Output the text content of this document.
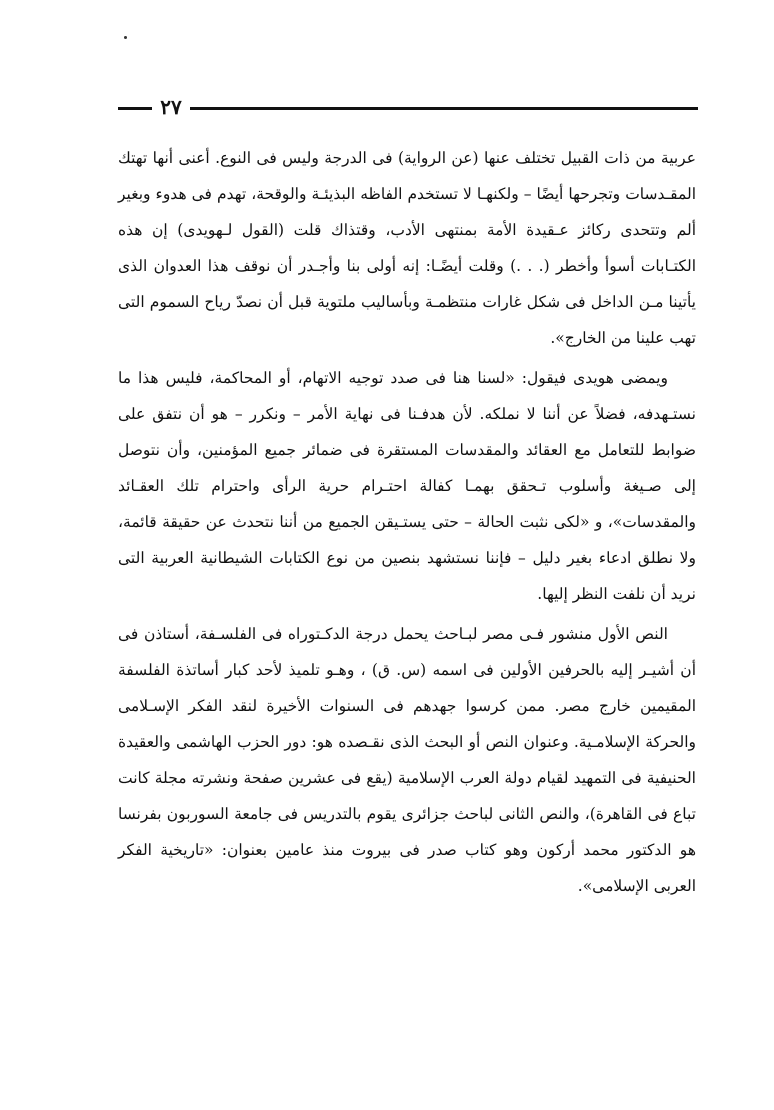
٢٧

عربية من ذات القبيل تختلف عنها (عن الرواية) فى الدرجة وليس فى النوع. أعنى أنها تهتك المقـدسات وتجرحها أيضًا – ولكنهـا لا تستخدم الفاظه البذيئـة والوقحة، تهدم فى هدوء وبغير ألم وتتحدى ركائز عـقيدة الأمة بمنتهى الأدب، وقتذاك قلت (القول لـهويدى) إن هذه الكتـابات أسوأ وأخطر (. . .) وقلت أيضًـا: إنه أولى بنا وأجـدر أن نوقف هذا العدوان الذى يأتينا مـن الداخل فى شكل غارات منتظمـة وبأساليب ملتوية قبل أن نصدّ رياح السموم التى تهب علينا من الخارج».

ويمضى هويدى فيقول: «لسنا هنا فى صدد توجيه الاتهام، أو المحاكمة، فليس هذا ما نستـهدفه، فضلاً عن أننا لا نملكه. لأن هدفـنا فى نهاية الأمر – ونكرر – هو أن نتفق على ضوابط للتعامل مع العقائد والمقدسات المستقرة فى ضمائر جميع المؤمنين، وأن نتوصل إلى صـيغة وأسلوب تـحقق بهمـا كفالة احتـرام حرية الرأى واحترام تلك العقـائد والمقدسات»، و «لكى نثبت الحالة – حتى يستـيقن الجميع من أننا نتحدث عن حقيقة قائمة، ولا نطلق ادعاء بغير دليل – فإننا نستشهد بنصين من نوع الكتابات الشيطانية العربية التى نريد أن نلفت النظر إليها.

النص الأول منشور فـى مصر لبـاحث يحمل درجة الدكـتوراه فى الفلسـفة، أستاذن فى أن أشيـر إليه بالحرفين الأولين فى اسمه (س. ق) ، وهـو تلميذ لأحد كبار أساتذة الفلسفة المقيمين خارج مصر. ممن كرسوا جهدهم فى السنوات الأخيرة لنقد الفكر الإسـلامى والحركة الإسلامـية. وعنوان النص أو البحث الذى نقـصده هو: دور الحزب الهاشمى والعقيدة الحنيفية فى التمهيد لقيام دولة العرب الإسلامية (يقع فى عشرين صفحة ونشرته مجلة كانت تباع فى القاهرة)، والنص الثانى لباحث جزائرى يقوم بالتدريس فى جامعة السوربون بفرنسا هو الدكتور محمد أركون وهو كتاب صدر فى بيروت منذ عامين بعنوان: «تاريخية الفكر العربى الإسلامى».
